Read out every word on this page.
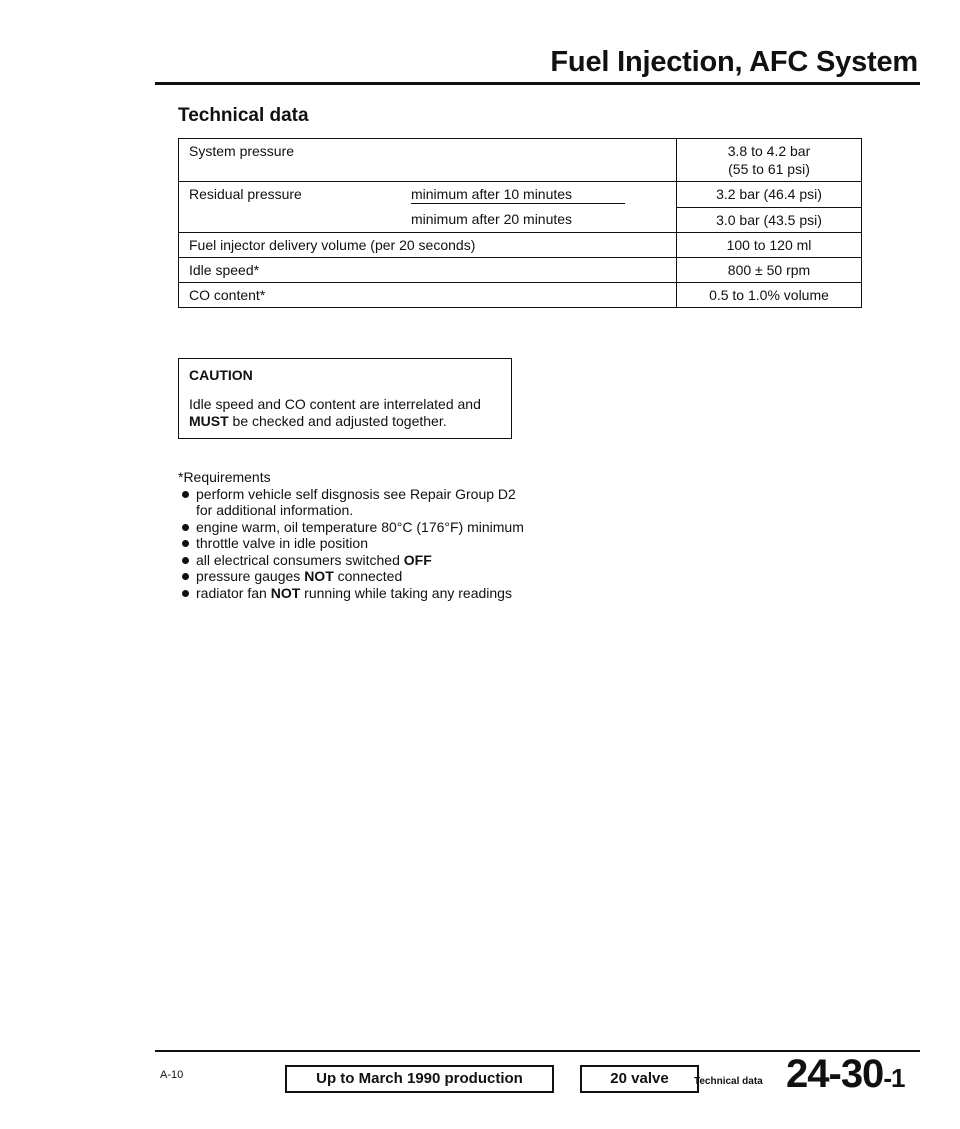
Fuel Injection, AFC System
Technical data
System pressure	3.8 to 4.2 bar
(55 to 61 psi)

Residual pressure minimum after 10 minutes	3.2 bar (46.4 psi)
minimum after 20 minutes	3.0 bar (43.5 psi)
Fuel injector delivery volume (per 20 seconds)	100 to 120 ml
Idle speed*	800 ± 50 rpm
CO content*	0.5 to 1.0% volume
CAUTION
Idle speed and CO content are interrelated and MUST be checked and adjusted together.
*Requirements
perform vehicle self disgnosis see Repair Group D2 for additional information.
engine warm, oil temperature 80°C (176°F) minimum
throttle valve in idle position
all electrical consumers switched OFF
pressure gauges NOT connected
radiator fan NOT running while taking any readings
A-10	Up to March 1990 production	20 valve	Technical data 24-30-1
